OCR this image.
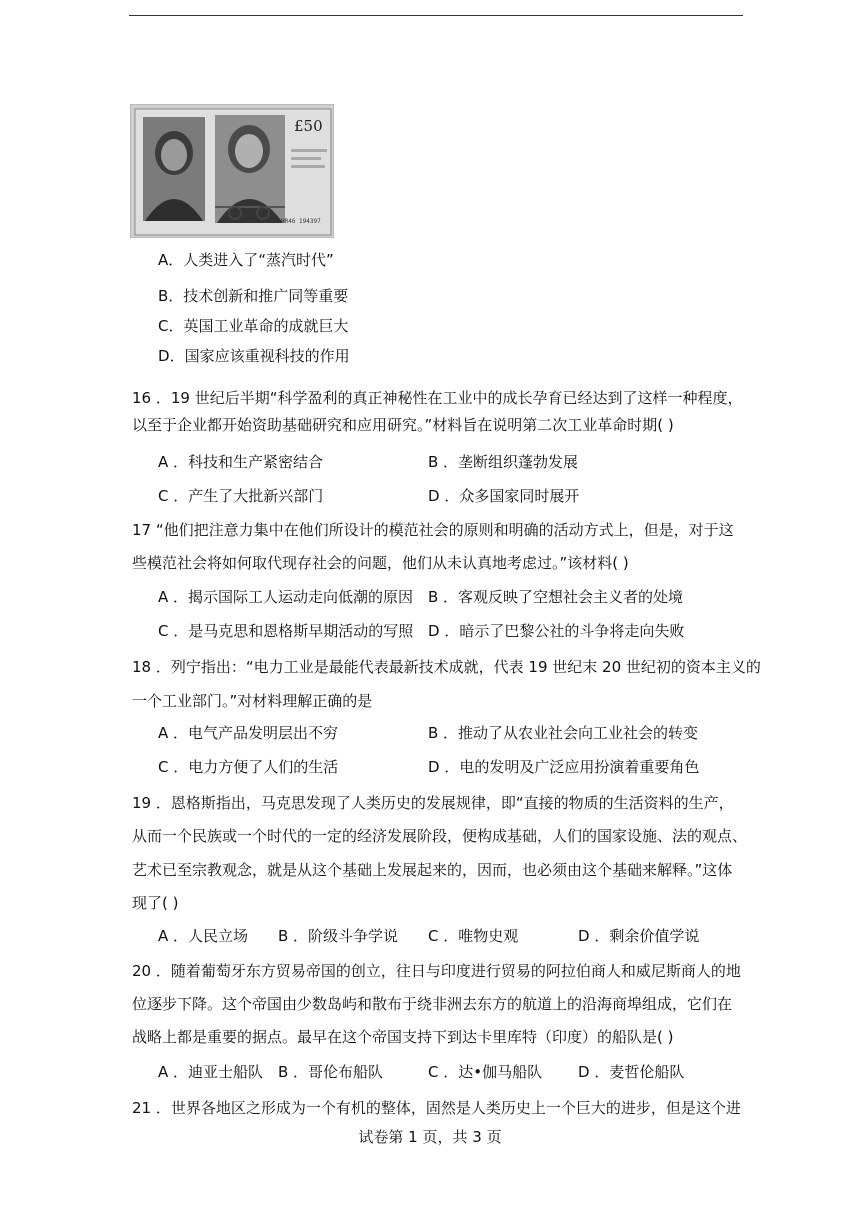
£50
HR46 194397
A．人类进入了“蒸汽时代”
B．技术创新和推广同等重要
C．英国工业革命的成就巨大
D．国家应该重视科技的作用
16 ．19 世纪后半期“科学盈利的真正神秘性在工业中的成长孕育已经达到了这样一种程度，
以至于企业都开始资助基础研究和应用研究。”材料旨在说明第二次工业革命时期( )
A ．科技和生产紧密结合	B ．垄断组织蓬勃发展
C ．产生了大批新兴部门	D ．众多国家同时展开
17 “他们把注意力集中在他们所设计的模范社会的原则和明确的活动方式上，但是，对于这
些模范社会将如何取代现存社会的问题，他们从未认真地考虑过。”该材料( )
A ．揭示国际工人运动走向低潮的原因 B ．客观反映了空想社会主义者的处境
C ．是马克思和恩格斯早期活动的写照 D ．暗示了巴黎公社的斗争将走向失败
18 ．列宁指出：“电力工业是最能代表最新技术成就，代表 19 世纪末 20 世纪初的资本主义的
一个工业部门。”对材料理解正确的是
A ．电气产品发明层出不穷	B ．推动了从农业社会向工业社会的转变
C ．电力方便了人们的生活	D ．电的发明及广泛应用扮演着重要角色
19 ．恩格斯指出，马克思发现了人类历史的发展规律，即“直接的物质的生活资料的生产，
从而一个民族或一个时代的一定的经济发展阶段，便构成基础，人们的国家设施、法的观点、
艺术已至宗教观念，就是从这个基础上发展起来的，因而，也必须由这个基础来解释。”这体
现了( )
A ．人民立场 B ．阶级斗争学说 C ．唯物史观	D ．剩余价值学说
20 ．随着葡萄牙东方贸易帝国的创立，往日与印度进行贸易的阿拉伯商人和威尼斯商人的地
位逐步下降。这个帝国由少数岛屿和散布于绕非洲去东方的航道上的沿海商埠组成，它们在
战略上都是重要的据点。最早在这个帝国支持下到达卡里库特（印度）的船队是( )
A ．迪亚士船队 B ．哥伦布船队	C ．达•伽马船队 D ．麦哲伦船队
21 ．世界各地区之形成为一个有机的整体，固然是人类历史上一个巨大的进步，但是这个进
试卷第 1 页，共 3 页
